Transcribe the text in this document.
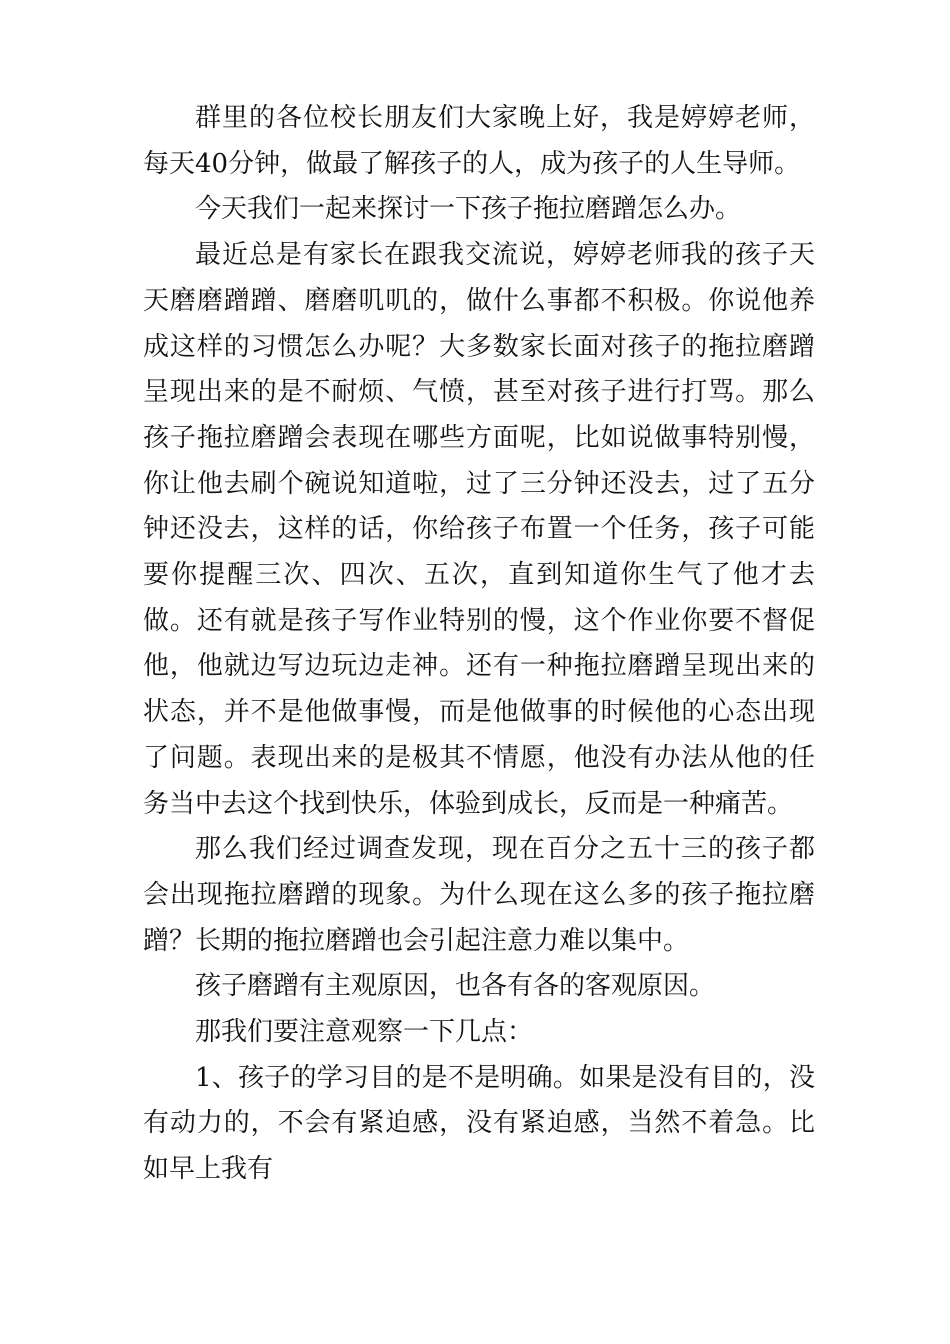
群里的各位校长朋友们大家晚上好，我是婷婷老师，每天40分钟，做最了解孩子的人，成为孩子的人生导师。

今天我们一起来探讨一下孩子拖拉磨蹭怎么办。

最近总是有家长在跟我交流说，婷婷老师我的孩子天天磨磨蹭蹭、磨磨叽叽的，做什么事都不积极。你说他养成这样的习惯怎么办呢？大多数家长面对孩子的拖拉磨蹭呈现出来的是不耐烦、气愤，甚至对孩子进行打骂。那么孩子拖拉磨蹭会表现在哪些方面呢，比如说做事特别慢，你让他去刷个碗说知道啦，过了三分钟还没去，过了五分钟还没去，这样的话，你给孩子布置一个任务，孩子可能要你提醒三次、四次、五次，直到知道你生气了他才去做。还有就是孩子写作业特别的慢，这个作业你要不督促他，他就边写边玩边走神。还有一种拖拉磨蹭呈现出来的状态，并不是他做事慢，而是他做事的时候他的心态出现了问题。表现出来的是极其不情愿，他没有办法从他的任务当中去这个找到快乐，体验到成长，反而是一种痛苦。

那么我们经过调查发现，现在百分之五十三的孩子都会出现拖拉磨蹭的现象。为什么现在这么多的孩子拖拉磨蹭？长期的拖拉磨蹭也会引起注意力难以集中。

孩子磨蹭有主观原因，也各有各的客观原因。

那我们要注意观察一下几点：

1、孩子的学习目的是不是明确。如果是没有目的，没有动力的，不会有紧迫感，没有紧迫感，当然不着急。比如早上我有
